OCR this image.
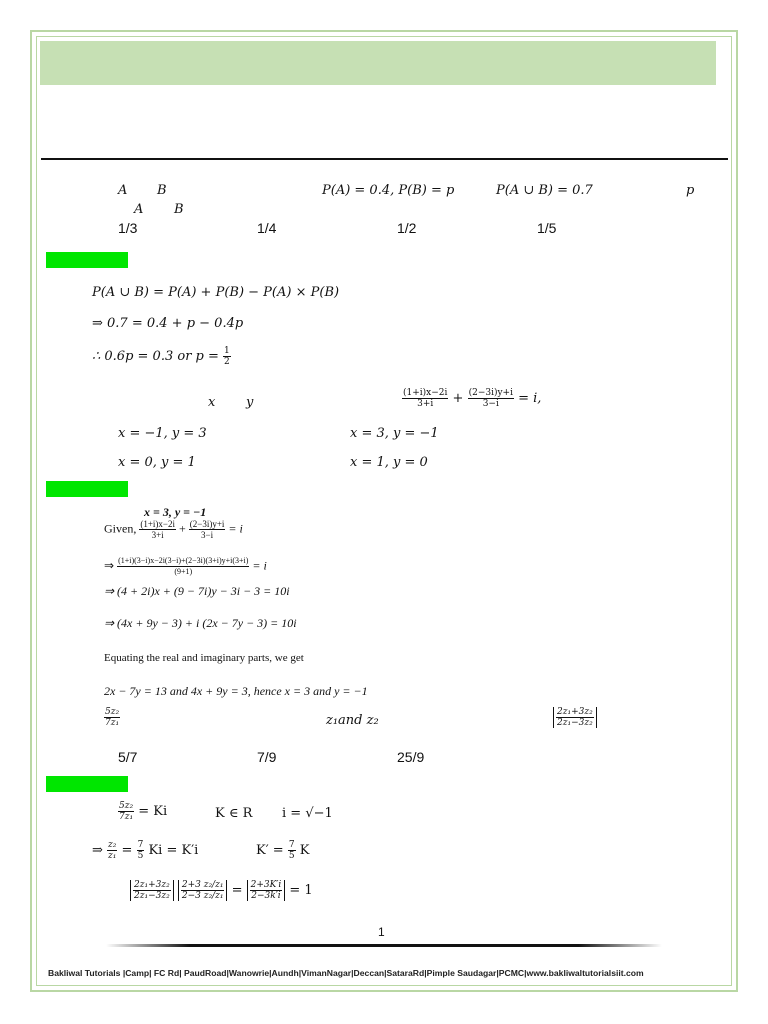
A B	P(A) = 0.4, P(B) = p	P(A ∪ B) = 0.7	p
A B
1/3	1/4	1/2	1/5
P(A ∪ B) = P(A) + P(B) − P(A) × P(B)
⇒ 0.7 = 0.4 + p − 0.4p
∴ 0.6p = 0.3 or $p = \frac{1}{2}$
x y	$\frac{(1+i)x-2i}{3+i} + \frac{(2-3i)y+i}{3-i} = i$,
x = −1, y = 3	x = 3, y = −1
x = 0, y = 1	x = 1, y = 0
x = 3, y = −1
Given, $\frac{(1+i)x-2i}{3+i} + \frac{(2-3i)y+i}{3-i} = i$
⇒ $\frac{(1+i)(3-i)x-2i(3-i)+(2-3i)(3+i)y+i(3+i)}{(9+1)} = i$
⇒ (4 + 2i)x + (9 − 7i)y − 3i − 3 = 10i
⇒ (4x + 9y − 3) + i (2x − 7y − 3) = 10i
Equating the real and imaginary parts, we get
2x − 7y = 13 and 4x + 9y = 3, hence x = 3 and y = −1
$\frac{\text{5z₂}}{\text{7z₁}}$	z₁and z₂	$\frac{\text{2z₁+3z₂}}{\text{2z₁−3z₂}}$
5/7	7/9	25/9
$\frac{\text{5z₂}}{\text{7z₁}} = Ki$	K ∈ R i = √−1
⇒ $\frac{\text{z₂}}{\text{z₁}} = \frac{7}{5}$ Ki = K′i	$K' = \frac{7}{5}$ K
$\frac{\text{2z₁+3z₂}}{\text{2z₁−3z₂}}$
$\frac{\text{2+3 z₂/z₁}}{\text{2−3 z₂/z₁}} = \frac{2+3K'i}{2-3k'i} = 1$
1
Bakliwal Tutorials |Camp| FC Rd| PaudRoad|Wanowrie|Aundh|VimanNagar|Deccan|SataraRd|Pimple Saudagar|PCMC|www.bakliwaltutorialsiit.com
